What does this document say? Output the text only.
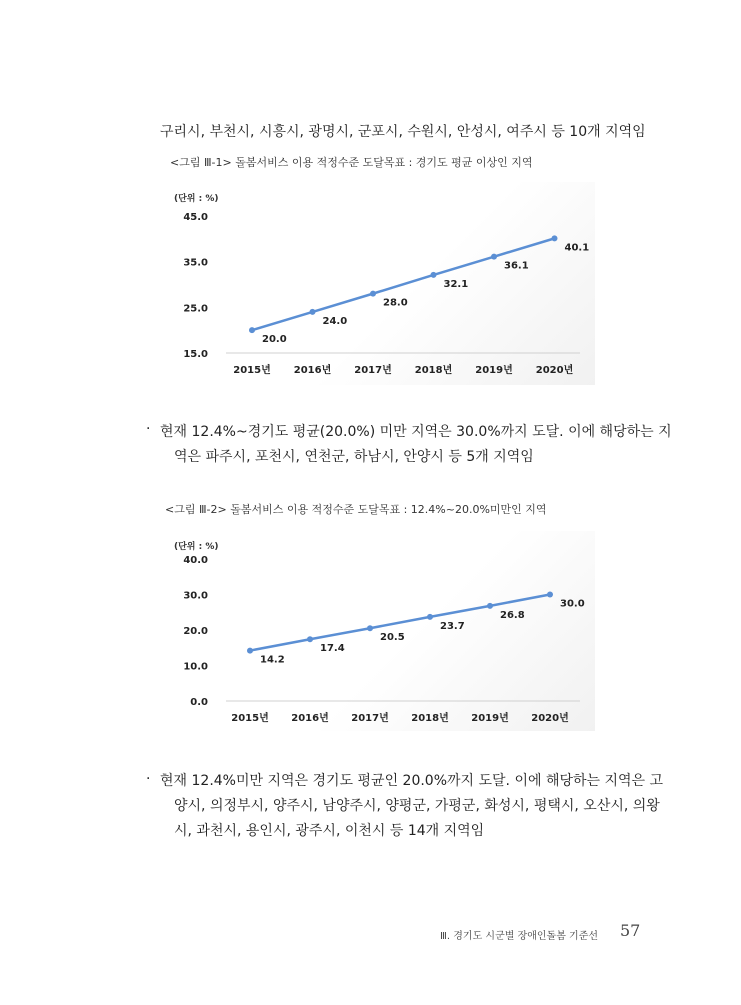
구리시, 부천시, 시흥시, 광명시, 군포시, 수원시, 안성시, 여주시 등 10개 지역임
<그림 Ⅲ-1> 돌봄서비스 이용 적정수준 도달목표 : 경기도 평균 이상인 지역
(단위 : %)
15.0
25.0
35.0
45.0
2015년 2016년 2017년 2018년 2019년 2020년
20.0
24.0
28.0
32.1
36.1
40.1
· 현재 12.4%~경기도 평균(20.0%) 미만 지역은 30.0%까지 도달. 이에 해당하는 지
역은 파주시, 포천시, 연천군, 하남시, 안양시 등 5개 지역임
<그림 Ⅲ-2> 돌봄서비스 이용 적정수준 도달목표 : 12.4%~20.0%미만인 지역
(단위 : %)
0.0
10.0
20.0
30.0
40.0
2015년 2016년 2017년 2018년 2019년 2020년
14.2
17.4
20.5
23.7
26.8
30.0
· 현재 12.4%미만 지역은 경기도 평균인 20.0%까지 도달. 이에 해당하는 지역은 고
양시, 의정부시, 양주시, 남양주시, 양평군, 가평군, 화성시, 평택시, 오산시, 의왕
시, 과천시, 용인시, 광주시, 이천시 등 14개 지역임
Ⅲ. 경기도 시군별 장애인돌봄 기준선 57
